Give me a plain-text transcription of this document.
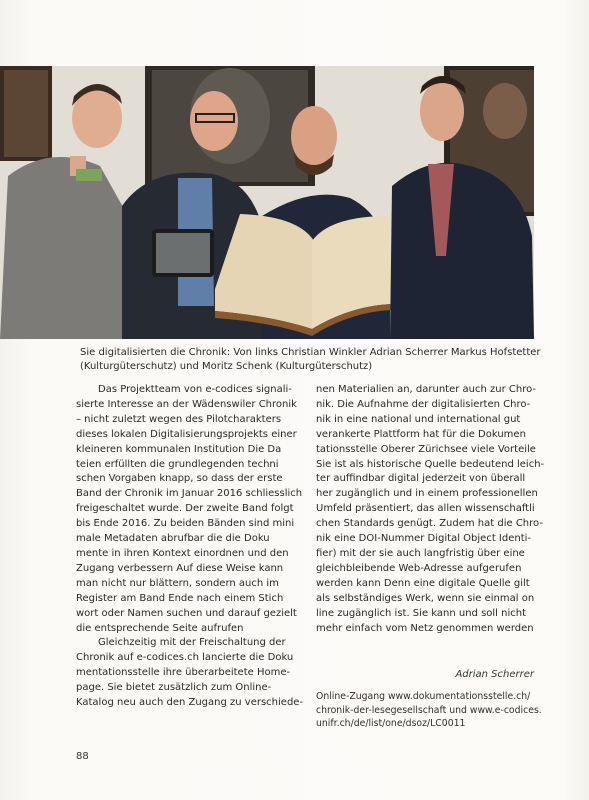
Sie digitalisierten die Chronik: Von links Christian Winkler Adrian Scherrer Markus Hofstetter
(Kulturgüterschutz) und Moritz Schenk (Kulturgüterschutz)
Das Projektteam von e-codices signali-
sierte Interesse an der Wädenswiler Chronik
– nicht zuletzt wegen des Pilotcharakters
dieses lokalen Digitalisierungsprojekts einer
kleineren kommunalen Institution Die Da
teien erfüllten die grundlegenden techni
schen Vorgaben knapp, so dass der erste
Band der Chronik im Januar 2016 schliesslich
freigeschaltet wurde. Der zweite Band folgt
bis Ende 2016. Zu beiden Bänden sind mini
male Metadaten abrufbar die die Doku
mente in ihren Kontext einordnen und den
Zugang verbessern Auf diese Weise kann
man nicht nur blättern, sondern auch im
Register am Band Ende nach einem Stich
wort oder Namen suchen und darauf gezielt
die entsprechende Seite aufrufen
Gleichzeitig mit der Freischaltung der
Chronik auf e-codices.ch lancierte die Doku
mentationsstelle ihre überarbeitete Home-
page. Sie bietet zusätzlich zum Online-
Katalog neu auch den Zugang zu verschiede-
Adrian Scherrer
Online-Zugang www.dokumentationsstelle.ch/
chronik-der-lesegesellschaft und www.e-codices.
unifr.ch/de/list/one/dsoz/LC0011
88
nen Materialien an, darunter auch zur Chro-
nik. Die Aufnahme der digitalisierten Chro-
nik in eine national und international gut
verankerte Plattform hat für die Dokumen
tationsstelle Oberer Zürichsee viele Vorteile
Sie ist als historische Quelle bedeutend leich-
ter auffindbar digital jederzeit von überall
her zugänglich und in einem professionellen
Umfeld präsentiert, das allen wissenschaftli
chen Standards genügt. Zudem hat die Chro-
nik eine DOI-Nummer Digital Object Identi-
fier) mit der sie auch langfristig über eine
gleichbleibende Web-Adresse aufgerufen
werden kann Denn eine digitale Quelle gilt
als selbständiges Werk, wenn sie einmal on
line zugänglich ist. Sie kann und soll nicht
mehr einfach vom Netz genommen werden
